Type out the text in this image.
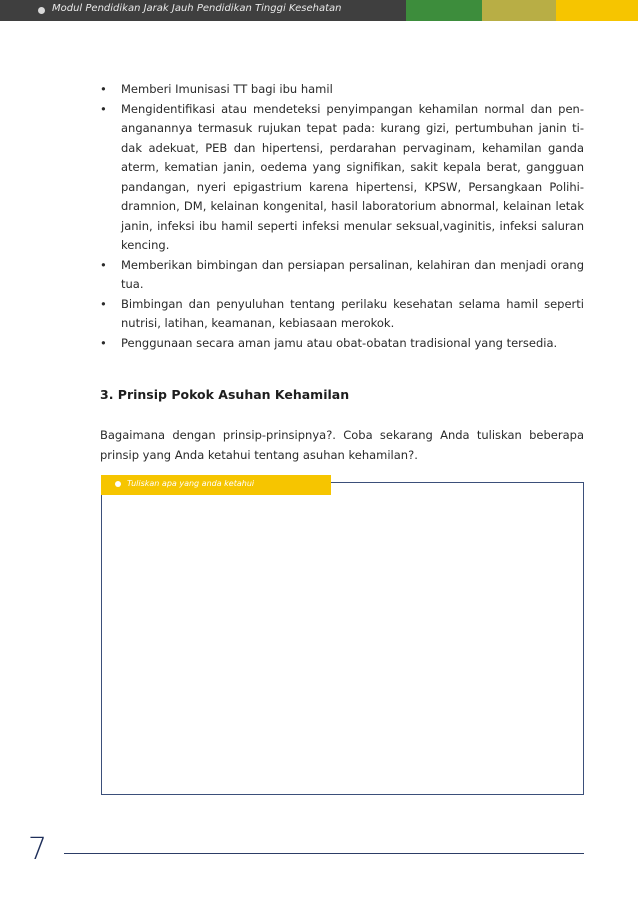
Modul Pendidikan Jarak Jauh Pendidikan Tinggi Kesehatan
• Memberi Imunisasi TT bagi ibu hamil
• Mengidentifikasi atau mendeteksi penyimpangan kehamilan normal dan penanganannya termasuk rujukan tepat pada: kurang gizi, pertumbuhan janin tidak adekuat, PEB dan hipertensi, perdarahan pervaginam, kehamilan ganda aterm, kematian janin, oedema yang signifikan, sakit kepala berat, gangguan pandangan, nyeri epigastrium karena hipertensi, KPSW, Persangkaan Polihidramnion, DM, kelainan kongenital, hasil laboratorium abnormal, kelainan letak janin, infeksi ibu hamil seperti infeksi menular seksual,vaginitis, infeksi saluran kencing.
• Memberikan bimbingan dan persiapan persalinan, kelahiran dan menjadi orang tua.
• Bimbingan dan penyuluhan tentang perilaku kesehatan selama hamil seperti nutrisi, latihan, keamanan, kebiasaan merokok.
• Penggunaan secara aman jamu atau obat-obatan tradisional yang tersedia.
3. Prinsip Pokok Asuhan Kehamilan
Bagaimana dengan prinsip-prinsipnya?. Coba sekarang Anda tuliskan beberapa prinsip yang Anda ketahui tentang asuhan kehamilan?.
Tuliskan apa yang anda ketahui
7
